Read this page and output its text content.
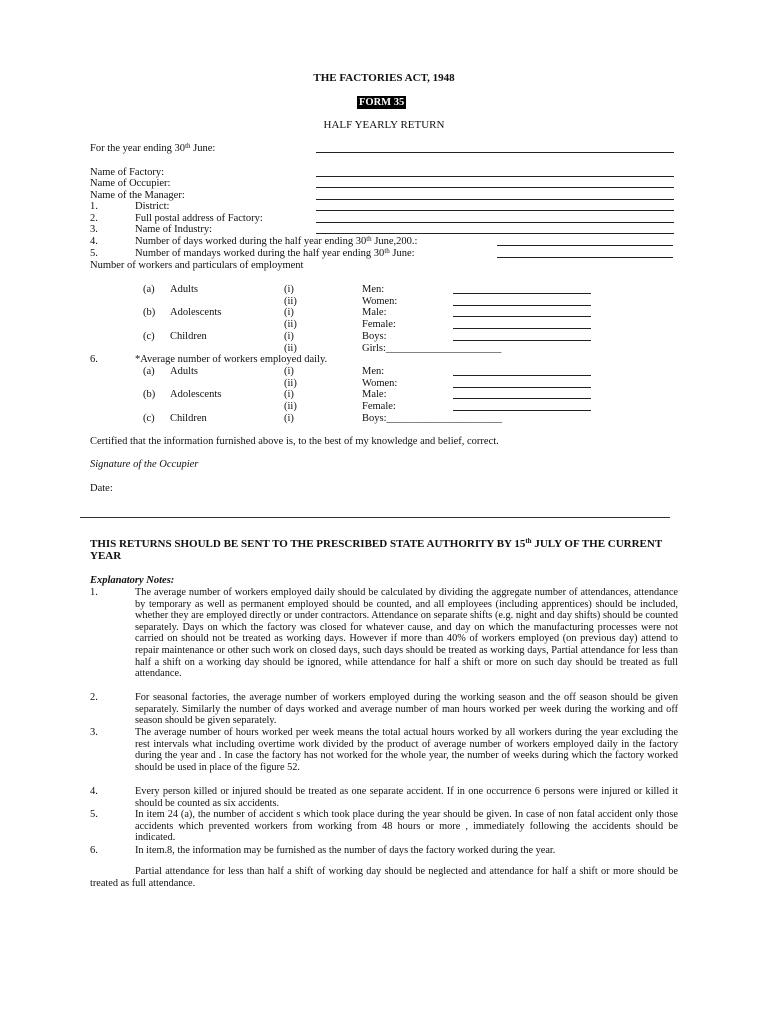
THE FACTORIES ACT, 1948
FORM 35
HALF YEARLY RETURN
For the year ending 30th June:
Name of Factory:
Name of Occupier:
Name of the Manager:
1.	District:
2.	Full postal address of Factory:
3.	Name of Industry:
4.	Number of days worked during the half year ending 30th June,200.:
5.	Number of mandays worked during the half year ending 30th June:
Number of workers and particulars of employment
(a) Adults	(i)	Men:
(ii)	Women:
(b) Adolescents	(i)	Male:
(ii)	Female:
(c) Children	(i)	Boys:
(ii)	Girls:______________________
6.	*Average number of workers employed daily.
(a) Adults	(i)	Men:
(ii)	Women:
(b) Adolescents	(i)	Male:
(ii)	Female:
(c) Children	(i)	Boys:______________________
Certified that the information furnished above is, to the best of my knowledge and belief, correct.
Signature of the Occupier
Date:
THIS RETURNS SHOULD BE SENT TO THE PRESCRIBED STATE AUTHORITY BY 15th JULY OF THE CURRENT YEAR
Explanatory Notes:
1.	The average number of workers employed daily should be calculated by dividing the aggregate number of attendances, attendance by temporary as well as permanent employed should be counted, and all employees (including apprentices) should be included, whether they are employed directly or under contractors. Attendance on separate shifts (e.g. night and day shifts) should be counted separately. Days on which the factory was closed for whatever cause, and day on which the manufacturing processes were not carried on should not be treated as working days. However if more than 40% of workers employed (on previous day) attend to repair maintenance or other such work on closed days, such days should be treated as working days, Partial attendance for less than half a shift on a working day should be ignored, while attendance for half a shift or more on such day should be treated as full attendance.
2.	For seasonal factories, the average number of workers employed during the working season and the off season should be given separately. Similarly the number of days worked and average number of man hours worked per week during the working and off season should be given separately.
3.	The average number of hours worked per week means the total actual hours worked by all workers during the year excluding the rest intervals what including overtime work divided by the product of average number of workers employed daily in the factory during the year and . In case the factory has not worked for the whole year, the number of weeks during which the factory worked should be used in place of the figure 52.
4.	Every person killed or injured should be treated as one separate accident. If in one occurrence 6 persons were injured or killed it should be counted as six accidents.
5.	In item 24 (a), the number of accident s which took place during the year should be given. In case of non fatal accident only those accidents which prevented workers from working from 48 hours or more , immediately following the accidents should be indicated.
6.	In item.8, the information may be furnished as the number of days the factory worked during the year.
Partial attendance for less than half a shift of working day should be neglected and attendance for half a shift or more should be treated as full attendance.
